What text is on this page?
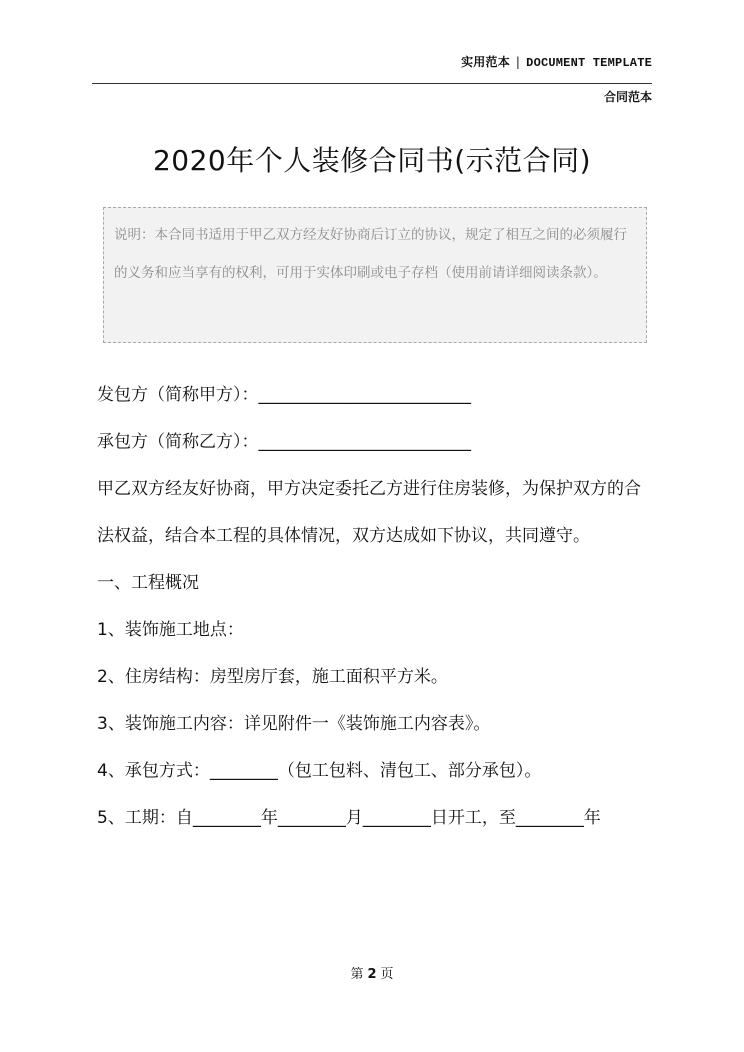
实用范本 | DOCUMENT TEMPLATE
合同范本
2020年个人装修合同书(示范合同)
说明：本合同书适用于甲乙双方经友好协商后订立的协议，规定了相互之间的必须履行的义务和应当享有的权利，可用于实体印刷或电子存档（使用前请详细阅读条款）。

发包方（简称甲方）：_________________________

承包方（简称乙方）：_________________________

甲乙双方经友好协商，甲方决定委托乙方进行住房装修，为保护双方的合法权益，结合本工程的具体情况，双方达成如下协议，共同遵守。

一、工程概况

1、装饰施工地点：

2、住房结构：房型房厅套，施工面积平方米。

3、装饰施工内容：详见附件一《装饰施工内容表》。

4、承包方式：________（包工包料、清包工、部分承包）。

5、工期：自________年________月________日开工，至________年

第 2 页
